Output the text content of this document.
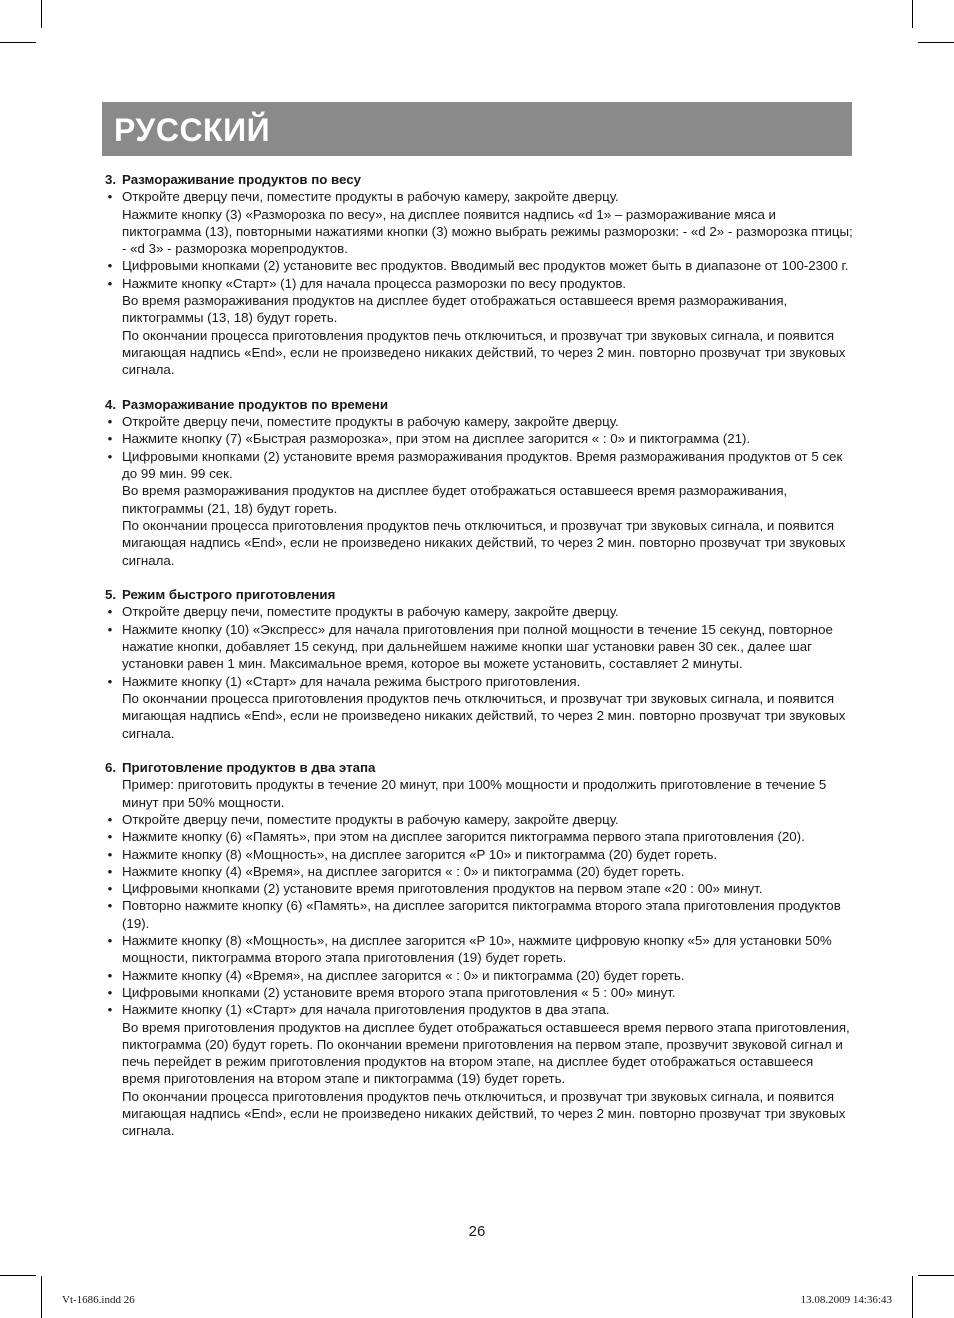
РУССКИЙ
3. Размораживание продуктов по весу
• Откройте дверцу печи, поместите продукты в рабочую камеру, закройте дверцу.
Нажмите кнопку (3) «Разморозка по весу», на дисплее появится надпись «d 1» – размораживание мяса и пиктограмма (13), повторными нажатиями кнопки (3) можно выбрать режимы разморозки: - «d 2» - разморозка птицы; - «d 3» - разморозка морепродуктов.
• Цифровыми кнопками (2) установите вес продуктов. Вводимый вес продуктов может быть в диапазоне от 100-2300 г.
• Нажмите кнопку «Старт» (1) для начала процесса разморозки по весу продуктов.
Во время размораживания продуктов на дисплее будет отображаться оставшееся время размораживания, пиктограммы (13, 18) будут гореть.
По окончании процесса приготовления продуктов печь отключиться, и прозвучат три звуковых сигнала, и появится мигающая надпись «End», если не произведено никаких действий, то через 2 мин. повторно прозвучат три звуковых сигнала.
4. Размораживание продуктов по времени
• Откройте дверцу печи, поместите продукты в рабочую камеру, закройте дверцу.
• Нажмите кнопку (7) «Быстрая разморозка», при этом на дисплее загорится « : 0» и пиктограмма (21).
• Цифровыми кнопками (2) установите время размораживания продуктов. Время размораживания продуктов от 5 сек до 99 мин. 99 сек.
Во время размораживания продуктов на дисплее будет отображаться оставшееся время размораживания, пиктограммы (21, 18) будут гореть.
По окончании процесса приготовления продуктов печь отключиться, и прозвучат три звуковых сигнала, и появится мигающая надпись «End», если не произведено никаких действий, то через 2 мин. повторно прозвучат три звуковых сигнала.
5. Режим быстрого приготовления
• Откройте дверцу печи, поместите продукты в рабочую камеру, закройте дверцу.
• Нажмите кнопку (10) «Экспресс» для начала приготовления при полной мощности в течение 15 секунд, повторное нажатие кнопки, добавляет 15 секунд, при дальнейшем нажиме кнопки шаг установки равен 30 сек., далее шаг установки равен 1 мин. Максимальное время, которое вы можете установить, составляет 2 минуты.
• Нажмите кнопку (1) «Старт» для начала режима быстрого приготовления.
По окончании процесса приготовления продуктов печь отключиться, и прозвучат три звуковых сигнала, и появится мигающая надпись «End», если не произведено никаких действий, то через 2 мин. повторно прозвучат три звуковых сигнала.
6. Приготовление продуктов в два этапа
Пример: приготовить продукты в течение 20 минут, при 100% мощности и продолжить приготовление в течение 5 минут при 50% мощности.
• Откройте дверцу печи, поместите продукты в рабочую камеру, закройте дверцу.
• Нажмите кнопку (6) «Память», при этом на дисплее загорится пиктограмма первого этапа приготовления (20).
• Нажмите кнопку (8) «Мощность», на дисплее загорится «P 10» и пиктограмма (20) будет гореть.
• Нажмите кнопку (4) «Время», на дисплее загорится « : 0» и пиктограмма (20) будет гореть.
• Цифровыми кнопками (2) установите время приготовления продуктов на первом этапе «20 : 00» минут.
• Повторно нажмите кнопку (6) «Память», на дисплее загорится пиктограмма второго этапа приготовления продуктов (19).
• Нажмите кнопку (8) «Мощность», на дисплее загорится «P 10», нажмите цифровую кнопку «5» для установки 50% мощности, пиктограмма второго этапа приготовления (19) будет гореть.
• Нажмите кнопку (4) «Время», на дисплее загорится « : 0» и пиктограмма (20) будет гореть.
• Цифровыми кнопками (2) установите время второго этапа приготовления « 5 : 00» минут.
• Нажмите кнопку (1) «Старт» для начала приготовления продуктов в два этапа.
Во время приготовления продуктов на дисплее будет отображаться оставшееся время первого этапа приготовления, пиктограмма (20) будут гореть. По окончании времени приготовления на первом этапе, прозвучит звуковой сигнал и печь перейдет в режим приготовления продуктов на втором этапе, на дисплее будет отображаться оставшееся время приготовления на втором этапе и пиктограмма (19) будет гореть.
По окончании процесса приготовления продуктов печь отключиться, и прозвучат три звуковых сигнала, и появится мигающая надпись «End», если не произведено никаких действий, то через 2 мин. повторно прозвучат три звуковых сигнала.
26
Vt-1686.indd 26	13.08.2009 14:36:43
